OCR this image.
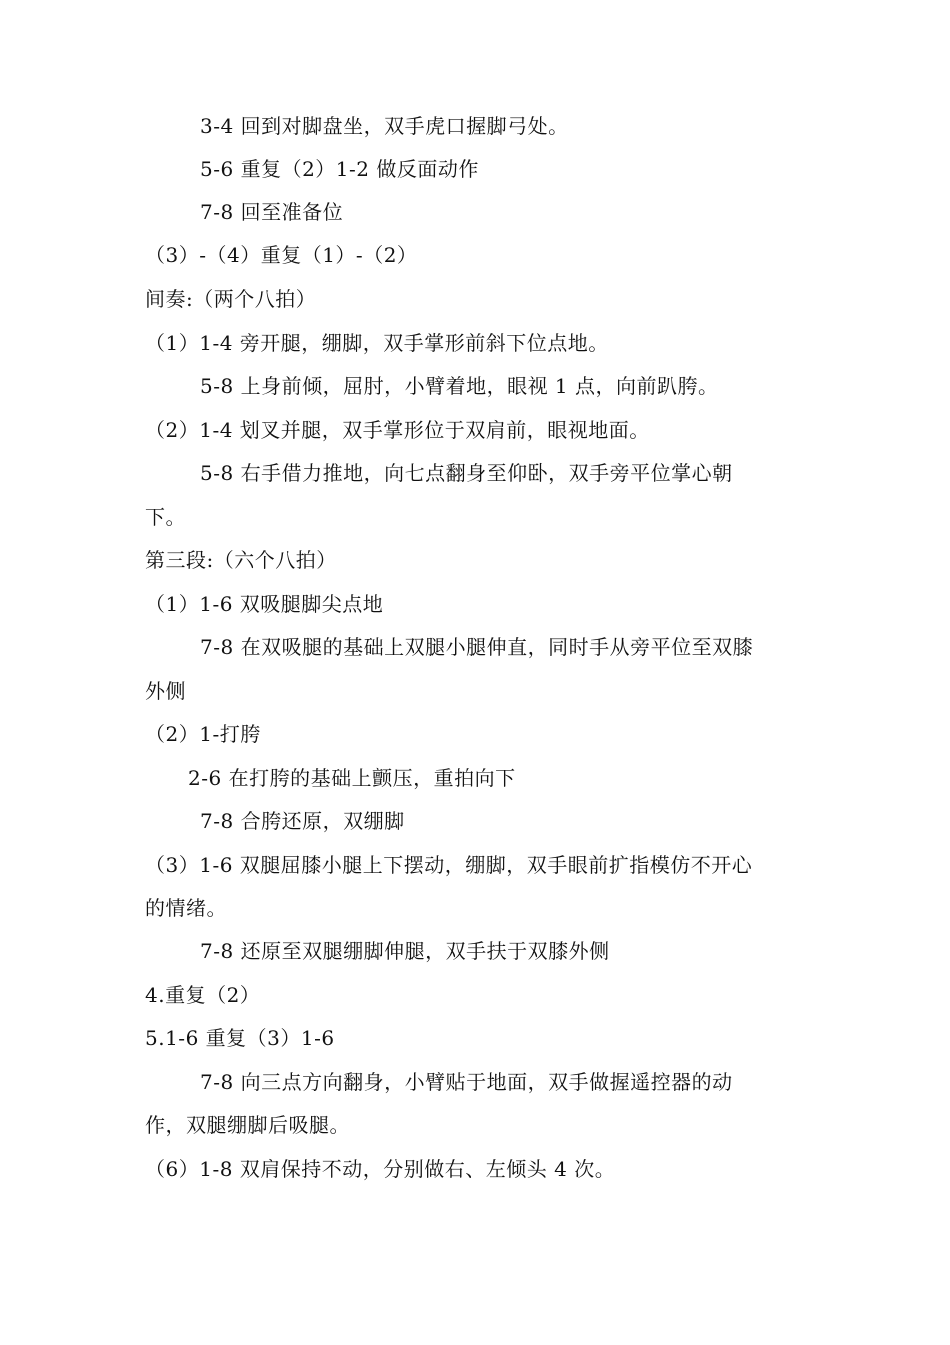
3-4 回到对脚盘坐，双手虎口握脚弓处。
5-6 重复（2）1-2 做反面动作
7-8 回至准备位
（3）-（4）重复（1）-（2）
间奏:（两个八拍）
（1）1-4 旁开腿，绷脚，双手掌形前斜下位点地。
5-8 上身前倾，屈肘，小臂着地，眼视 1 点，向前趴胯。
（2）1-4 划叉并腿，双手掌形位于双肩前，眼视地面。
5-8 右手借力推地，向七点翻身至仰卧，双手旁平位掌心朝
下。
第三段:（六个八拍）
（1）1-6 双吸腿脚尖点地
7-8 在双吸腿的基础上双腿小腿伸直，同时手从旁平位至双膝
外侧
（2）1-打胯
2-6 在打胯的基础上颤压，重拍向下
7-8 合胯还原，双绷脚
（3）1-6 双腿屈膝小腿上下摆动，绷脚，双手眼前扩指模仿不开心
的情绪。
7-8 还原至双腿绷脚伸腿，双手扶于双膝外侧
4.重复（2）
5.1-6 重复（3）1-6
7-8 向三点方向翻身，小臂贴于地面，双手做握遥控器的动
作，双腿绷脚后吸腿。
（6）1-8 双肩保持不动，分别做右、左倾头 4 次。
